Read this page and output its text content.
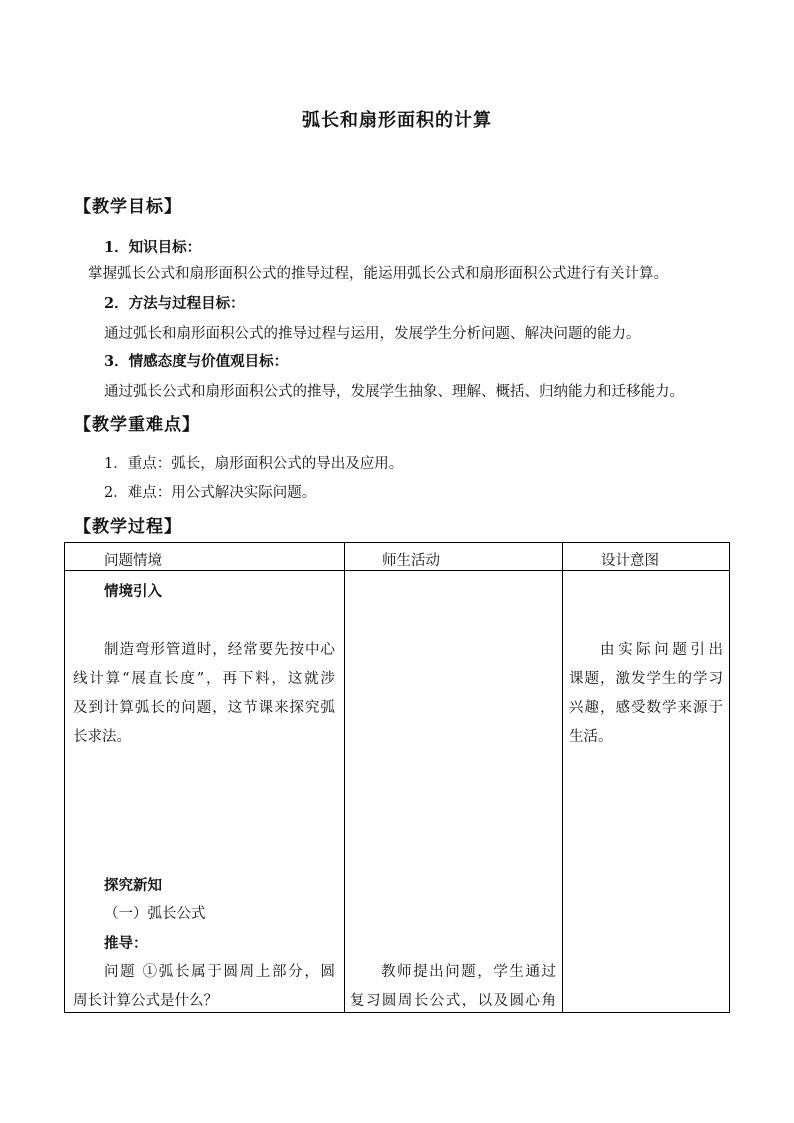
弧长和扇形面积的计算
【教学目标】
1．知识目标：
掌握弧长公式和扇形面积公式的推导过程，能运用弧长公式和扇形面积公式进行有关计算。
2．方法与过程目标：
通过弧长和扇形面积公式的推导过程与运用，发展学生分析问题、解决问题的能力。
3．情感态度与价值观目标：
通过弧长公式和扇形面积公式的推导，发展学生抽象、理解、概括、归纳能力和迁移能力。
【教学重难点】
1．重点：弧长，扇形面积公式的导出及应用。
2．难点：用公式解决实际问题。
【教学过程】
问题情境	师生活动	设计意图
情境引入
制造弯形管道时，经常要先按中心
线计算“展直长度”，再下料，这就涉
及到计算弧长的问题，这节课来探究弧
长求法。
探究新知
（一）弧长公式
推导：
问题 ①弧长属于圆周上部分，圆
周长计算公式是什么？
教师提出问题，学生通过
复习圆周长公式，以及圆心角
由实际问题引出
课题，激发学生的学习
兴趣，感受数学来源于
生活。
